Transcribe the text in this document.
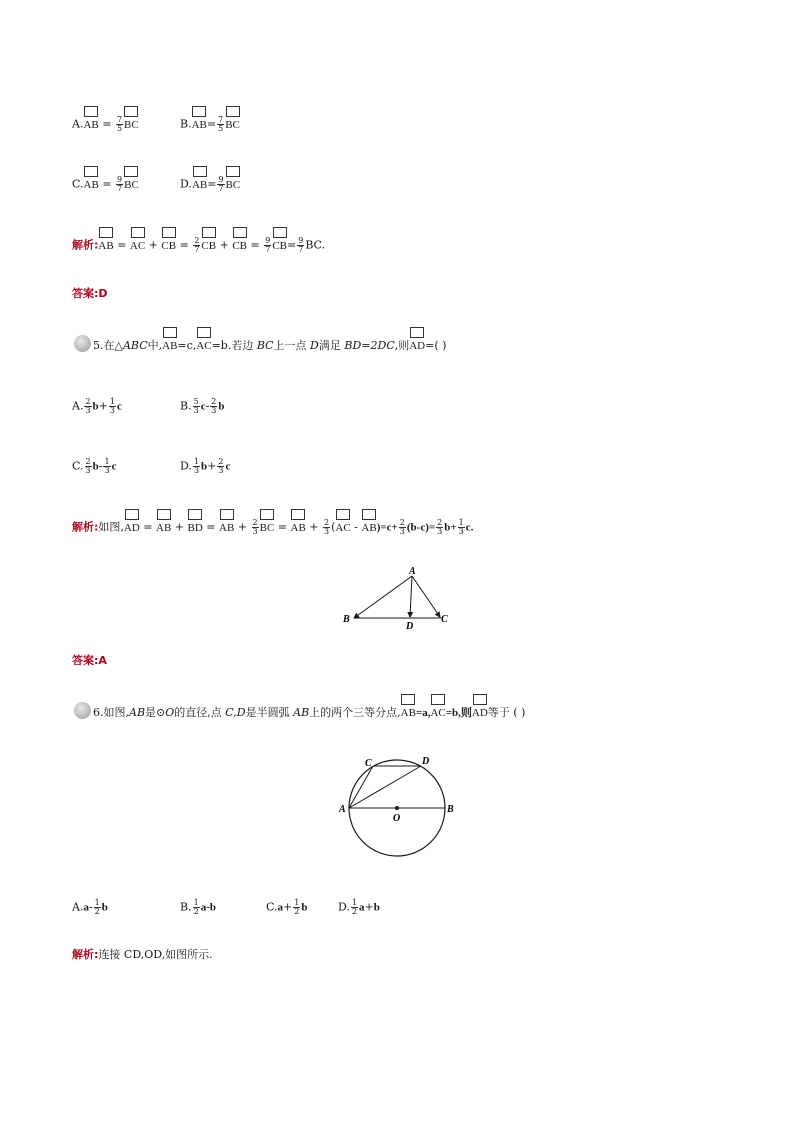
$A.AB = \frac{7}{5}$ BC	$B.AB= \frac{7}{5}$ BC
$C.AB = \frac{9}{7}$ BC	$D.AB= \frac{9}{7}$ BC
解析:AB = AC + CB = $\frac{2}{7}$ CB + CB = $\frac{9}{7} CB= \frac{9}{7}$ BC.
答案:D
5.在△ABC中,AB=c,AC=b.若边 BC上一点 D满足 BD=2DC,则AD=( )
A. $\frac{2}{3} b+ \frac{1}{3}$ c	B. $\frac{5}{3} c- \frac{2}{3}$ b
C. $\frac{2}{3} b- \frac{1}{3}$ c	D. $\frac{1}{3} b+ \frac{2}{3}$ c
解析:如图,AD = AB + BD = AB + $\frac{2}{3}$ BC = AB + $\frac{2}{3} (AC - AB)=c+ \frac{2}{3} (b-c)= \frac{2}{3} b+ \frac{1}{3} c$.
A
B	C
D
答案:A
6.如图,AB是⊙O的直径,点 C,D是半圆弧 AB上的两个三等分点,AB=a,AC=b,则AD等于 ( )
A	B
C	D
O
$A.a- \frac{1}{2}$ b	B. $\frac{1}{2} a-b$	$C.a+ \frac{1}{2}$ b	D. $\frac{1}{2} a+b$
解析:连接 CD,OD,如图所示.
